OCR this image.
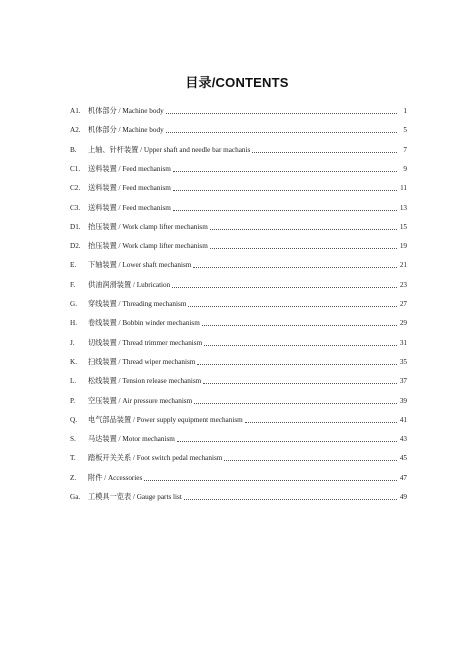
目录/CONTENTS
A1.	机体部分 / Machine body	1
A2.	机体部分 / Machine body	5
B.	上轴、针杆装置 / Upper shaft and needle bar machanis	7
C1.	送料装置 / Feed mechanism	9
C2.	送料装置 / Feed mechanism	11
C3.	送料装置 / Feed mechanism	13
D1.	抬压装置 / Work clamp lifter mechanism	15
D2.	抬压装置 / Work clamp lifter mechanism	19
E.	下轴装置 / Lower shaft mechanism	21
F.	供油润滑装置 / Lubrication	23
G.	穿线装置 / Threading mechanism	27
H.	卷线装置 / Bobbin winder mechanism	29
J.	切线装置 / Thread trimmer mechanism	31
K.	扫线装置 / Thread wiper mechanism	35
L.	松线装置 / Tension release mechanism	37
P.	空压装置 / Air pressure mechanism	39
Q.	电气部品装置 / Power supply equipment mechanism	41
S.	马达装置 / Motor mechanism	43
T.	踏板开关关系 / Foot switch pedal mechanism	45
Z.	附件 / Accessories	47
Ga.	工模具一览表 / Gauge parts list	49
